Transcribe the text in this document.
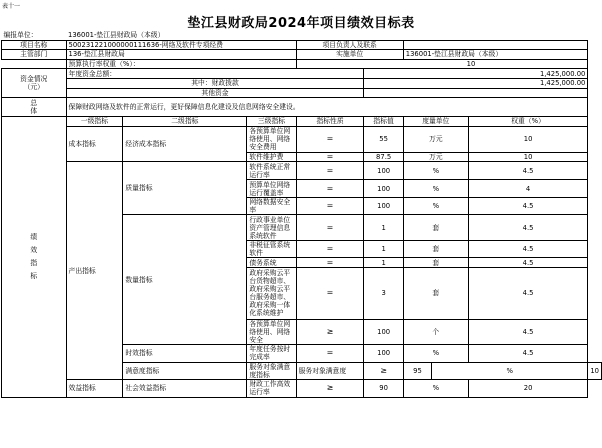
表十一
垫江县财政局2024年项目绩效目标表
编报单位：	136001-垫江县财政局（本级）								
项目名称	500231221000000111636-网络及软件专项经费			项目负责人及联系					
主管部门	136-垫江县财政局			实施单位		136001-垫江县财政局（本级）			
	预算执行率权重（%）：			10					
资金情况
（元）	年度资金总额：				1,425,000.00				
	其中：财政拨款				1,425,000.00				
	其他资金								
总
体	保障财政网络及软件的正常运行，更好保障信息化建设及信息网络安全建设。								
绩
效
指
标	一级指标	二级指标	三级指标	指标性质	指标值	度量单位		权重（%）	
	成本指标	经济成本指标	各预算单位网络使用、网络安全费用	=	55	万元		10	
			软件维护费	=	87.5	万元		10	
	产出指标	质量指标	软件系统正常运行率	=	100	%		4.5	
			预算单位网络运行覆盖率	=	100	%		4	
			网络数据安全率	=	100	%		4.5	
		数量指标	行政事业单位资产管理信息系统软件	=	1	套		4.5	
			非税征管系统软件	=	1	套		4.5	
			债务系统	=	1	套		4.5	
			政府采购云平台货物超市、政府采购云平台服务超市、政府采购一体化系统维护	=	3	套		4.5	
			各预算单位网络使用、网络安全	≥	100	个		4.5	
		时效指标	年度任务按时完成率	=	100	%		4.5	
		满意度指标	服务对象满意度指标	服务对象满意度	≥	95	%		10
	效益指标	社会效益指标	财政工作高效运行率	≥	90	%		20	
